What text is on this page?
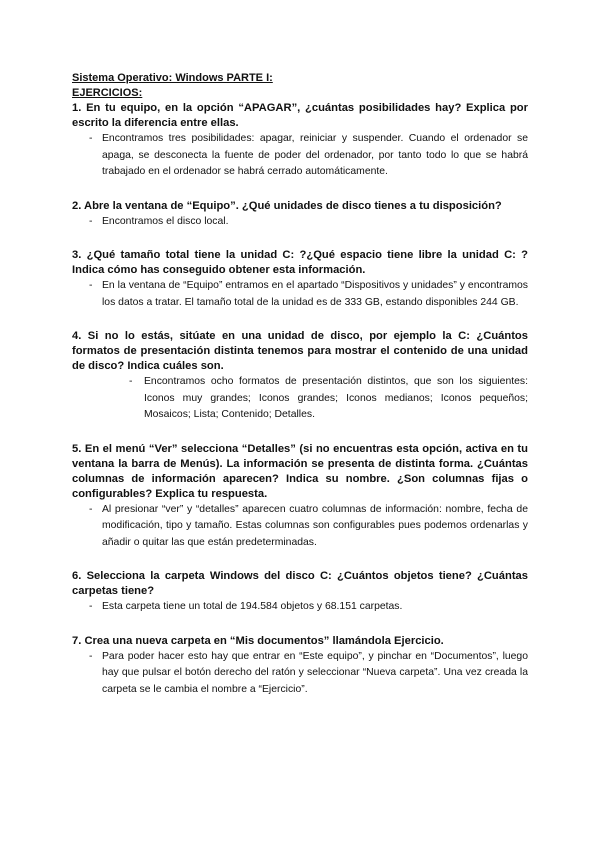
Sistema Operativo: Windows PARTE I:
EJERCICIOS:
1. En tu equipo, en la opción “APAGAR”, ¿cuántas posibilidades hay? Explica por escrito la diferencia entre ellas.
- Encontramos tres posibilidades: apagar, reiniciar y suspender. Cuando el ordenador se apaga, se desconecta la fuente de poder del ordenador, por tanto todo lo que se habrá trabajado en el ordenador se habrá cerrado automáticamente.
2. Abre la ventana de “Equipo”. ¿Qué unidades de disco tienes a tu disposición?
- Encontramos el disco local.
3. ¿Qué tamaño total tiene la unidad C: ?¿Qué espacio tiene libre la unidad C: ? Indica cómo has conseguido obtener esta información.
- En la ventana de “Equipo” entramos en el apartado “Dispositivos y unidades” y encontramos los datos a tratar. El tamaño total de la unidad es de 333 GB, estando disponibles 244 GB.
4. Si no lo estás, sitúate en una unidad de disco, por ejemplo la C: ¿Cuántos formatos de presentación distinta tenemos para mostrar el contenido de una unidad de disco? Indica cuáles son.
- Encontramos ocho formatos de presentación distintos, que son los siguientes: Iconos muy grandes; Iconos grandes; Iconos medianos; Iconos pequeños; Mosaicos; Lista; Contenido; Detalles.
5. En el menú “Ver” selecciona “Detalles” (si no encuentras esta opción, activa en tu ventana la barra de Menús). La información se presenta de distinta forma. ¿Cuántas columnas de información aparecen? Indica su nombre. ¿Son columnas fijas o configurables? Explica tu respuesta.
- Al presionar “ver” y “detalles” aparecen cuatro columnas de información: nombre, fecha de modificación, tipo y tamaño. Estas columnas son configurables pues podemos ordenarlas y añadir o quitar las que están predeterminadas.
6. Selecciona la carpeta Windows del disco C: ¿Cuántos objetos tiene? ¿Cuántas carpetas tiene?
- Esta carpeta tiene un total de 194.584 objetos y 68.151 carpetas.
7. Crea una nueva carpeta en “Mis documentos” llamándola Ejercicio.
- Para poder hacer esto hay que entrar en “Este equipo”, y pinchar en “Documentos”, luego hay que pulsar el botón derecho del ratón y seleccionar “Nueva carpeta”. Una vez creada la carpeta se le cambia el nombre a “Ejercicio”.
